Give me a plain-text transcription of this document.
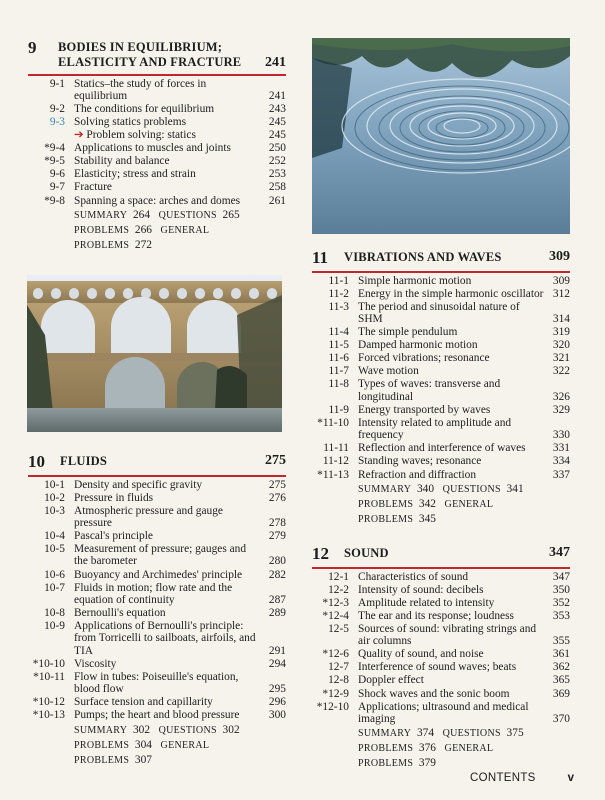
9	BODIES IN EQUILIBRIUM;
ELASTICITY AND FRACTURE	241
9-1 Statics–the study of forces in equilibrium	241
9-2 The conditions for equilibrium	243
9-3 Solving statics problems	245
➔ Problem solving: statics	245
*9-4 Applications to muscles and joints	250
*9-5 Stability and balance	252
9-6 Elasticity; stress and strain	253
9-7 Fracture	258
*9-8 Spanning a space: arches and domes	261
SUMMARY 264 QUESTIONS 265
PROBLEMS 266 GENERAL PROBLEMS 272
10	FLUIDS	275
10-1 Density and specific gravity	275
10-2 Pressure in fluids	276
10-3 Atmospheric pressure and gauge pressure	278
10-4 Pascal's principle	279
10-5 Measurement of pressure; gauges and the barometer	280
10-6 Buoyancy and Archimedes' principle	282
10-7 Fluids in motion; flow rate and the equation of continuity	287
10-8 Bernoulli's equation	289
10-9 Applications of Bernoulli's principle: from Torricelli to sailboats, airfoils, and TIA	291
*10-10 Viscosity	294
*10-11 Flow in tubes: Poiseuille's equation, blood flow	295
*10-12 Surface tension and capillarity	296
*10-13 Pumps; the heart and blood pressure	300
SUMMARY 302 QUESTIONS 302
PROBLEMS 304 GENERAL PROBLEMS 307
11	VIBRATIONS AND WAVES	309
11-1 Simple harmonic motion	309
11-2 Energy in the simple harmonic oscillator 312
11-3 The period and sinusoidal nature of SHM	314
11-4 The simple pendulum	319
11-5 Damped harmonic motion	320
11-6 Forced vibrations; resonance	321
11-7 Wave motion	322
11-8 Types of waves: transverse and longitudinal	326
11-9 Energy transported by waves	329
*11-10 Intensity related to amplitude and frequency	330
11-11 Reflection and interference of waves	331
11-12 Standing waves; resonance	334
*11-13 Refraction and diffraction	337
SUMMARY 340 QUESTIONS 341
PROBLEMS 342 GENERAL PROBLEMS 345
12	SOUND	347
12-1 Characteristics of sound	347
12-2 Intensity of sound: decibels	350
*12-3 Amplitude related to intensity	352
*12-4 The ear and its response; loudness	353
12-5 Sources of sound: vibrating strings and air columns	355
*12-6 Quality of sound, and noise	361
12-7 Interference of sound waves; beats	362
12-8 Doppler effect	365
*12-9 Shock waves and the sonic boom	369
*12-10 Applications; ultrasound and medical imaging	370
SUMMARY 374 QUESTIONS 375
PROBLEMS 376 GENERAL PROBLEMS 379
CONTENTS	v
